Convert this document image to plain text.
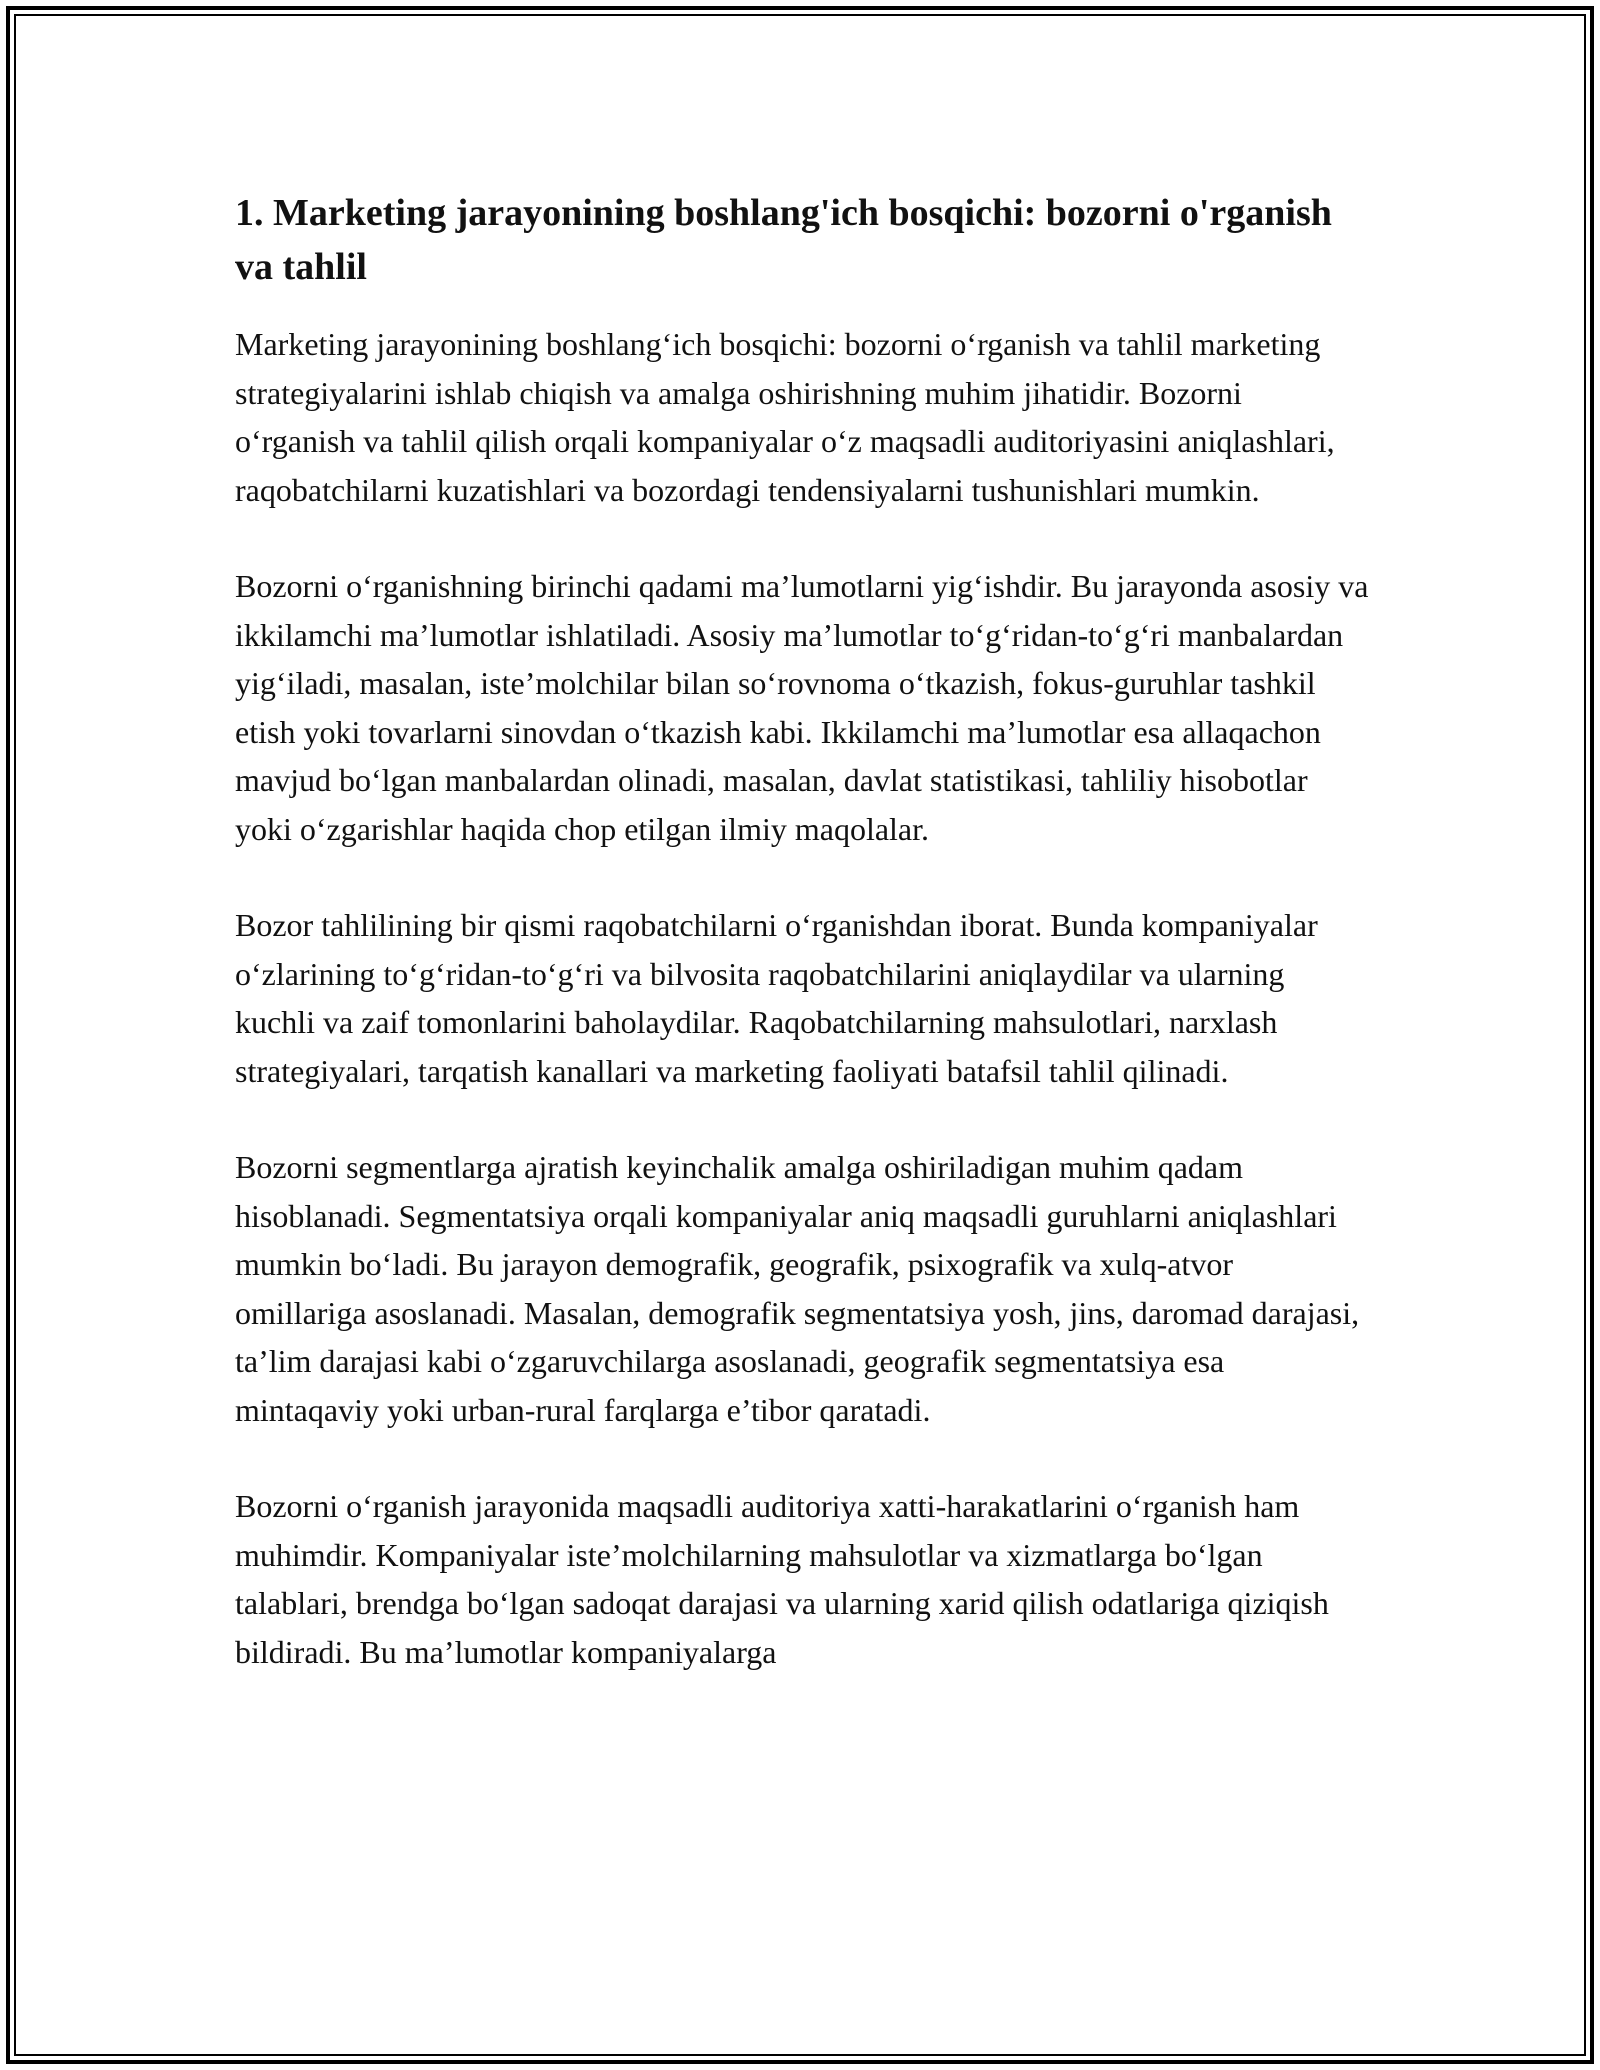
1. Marketing jarayonining boshlang'ich bosqichi: bozorni o'rganish va tahlil

Marketing jarayonining boshlang‘ich bosqichi: bozorni o‘rganish va tahlil marketing strategiyalarini ishlab chiqish va amalga oshirishning muhim jihatidir. Bozorni o‘rganish va tahlil qilish orqali kompaniyalar o‘z maqsadli auditoriyasini aniqlashlari, raqobatchilarni kuzatishlari va bozordagi tendensiyalarni tushunishlari mumkin.

Bozorni o‘rganishning birinchi qadami ma’lumotlarni yig‘ishdir. Bu jarayonda asosiy va ikkilamchi ma’lumotlar ishlatiladi. Asosiy ma’lumotlar to‘g‘ridan-to‘g‘ri manbalardan yig‘iladi, masalan, iste’molchilar bilan so‘rovnoma o‘tkazish, fokus-guruhlar tashkil etish yoki tovarlarni sinovdan o‘tkazish kabi. Ikkilamchi ma’lumotlar esa allaqachon mavjud bo‘lgan manbalardan olinadi, masalan, davlat statistikasi, tahliliy hisobotlar yoki o‘zgarishlar haqida chop etilgan ilmiy maqolalar.

Bozor tahlilining bir qismi raqobatchilarni o‘rganishdan iborat. Bunda kompaniyalar o‘zlarining to‘g‘ridan-to‘g‘ri va bilvosita raqobatchilarini aniqlaydilar va ularning kuchli va zaif tomonlarini baholaydilar. Raqobatchilarning mahsulotlari, narxlash strategiyalari, tarqatish kanallari va marketing faoliyati batafsil tahlil qilinadi.

Bozorni segmentlarga ajratish keyinchalik amalga oshiriladigan muhim qadam hisoblanadi. Segmentatsiya orqali kompaniyalar aniq maqsadli guruhlarni aniqlashlari mumkin bo‘ladi. Bu jarayon demografik, geografik, psixografik va xulq-atvor omillariga asoslanadi. Masalan, demografik segmentatsiya yosh, jins, daromad darajasi, ta’lim darajasi kabi o‘zgaruvchilarga asoslanadi, geografik segmentatsiya esa mintaqaviy yoki urban-rural farqlarga e’tibor qaratadi.

Bozorni o‘rganish jarayonida maqsadli auditoriya xatti-harakatlarini o‘rganish ham muhimdir. Kompaniyalar iste’molchilarning mahsulotlar va xizmatlarga bo‘lgan talablari, brendga bo‘lgan sadoqat darajasi va ularning xarid qilish odatlariga qiziqish bildiradi. Bu ma’lumotlar kompaniyalarga
